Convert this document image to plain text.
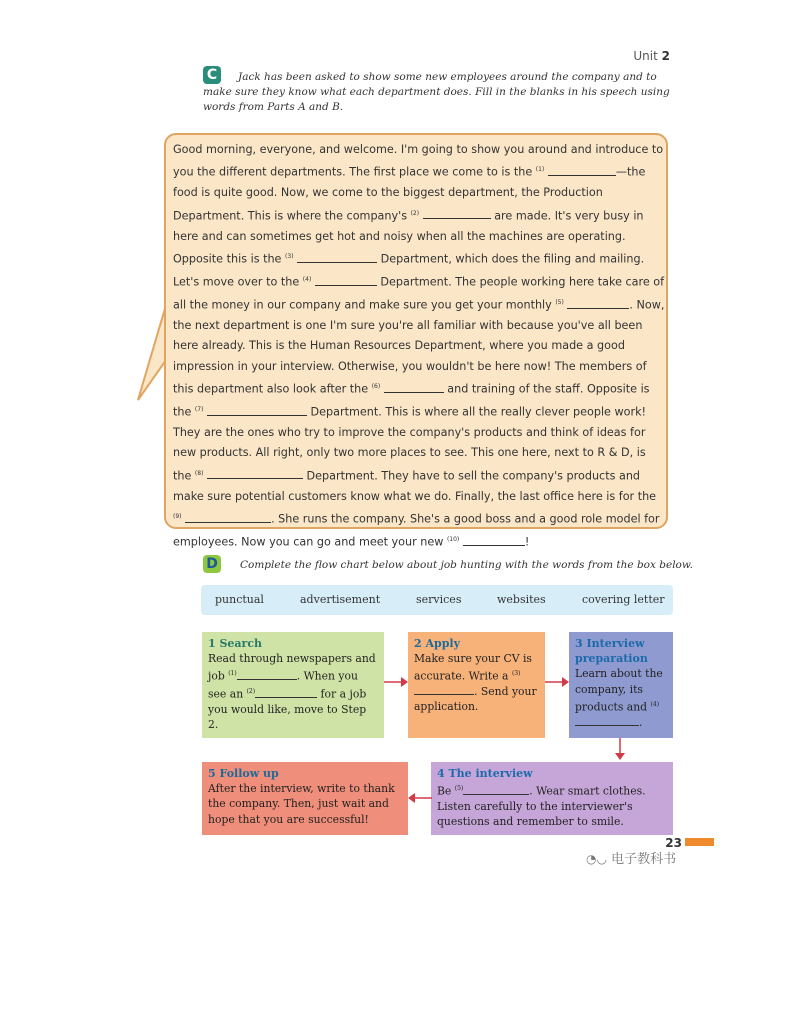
Unit 2
C	Jack has been asked to show some new employees around the company and to make sure they know what each department does. Fill in the blanks in his speech using words from Parts A and B.
Good morning, everyone, and welcome. I'm going to show you around and introduce to you the different departments. The first place we come to is the $^{(1)}$	—the food is quite good. Now, we come to the biggest department, the Production Department. This is where the company's $^{(2)}$	are made. It's very busy in here and can sometimes get hot and noisy when all the machines are operating. Opposite this is the $^{(3)}$	Department, which does the filing and mailing. Let's move over to the $^{(4)}$	Department. The people working here take care of all the money in our company and make sure you get your monthly $^{(5)}$	. Now, the next department is one I'm sure you're all familiar with because you've all been here already. This is the Human Resources Department, where you made a good impression in your interview. Otherwise, you wouldn't be here now! The members of this department also look after the $^{(6)}$	and training of the staff. Opposite is the $^{(7)}$	Department. This is where all the really clever people work! They are the ones who try to improve the company's products and think of ideas for new products. All right, only two more places to see. This one here, next to R & D, is the $^{(8)}$	Department. They have to sell the company's products and make sure potential customers know what we do. Finally, the last office here is for the $^{(9)}$	. She runs the company. She's a good boss and a good role model for employees. Now you can go and meet your new $^{(10)}$	!
D	Complete the flow chart below about job hunting with the words from the box below.
punctual	advertisement	services	websites	covering letter
1 Search
Read through newspapers and job $^{(1)}$	. When you see an $^{(2)}$	for a job you would like, move to Step 2.
2 Apply
Make sure your CV is accurate. Write a $^{(3)}$. Send your application.
3 Interview preparation
Learn about the company, its products and $^{(4)}$.
4 The interview
Be $^{(5)}$	. Wear smart clothes. Listen carefully to the interviewer's questions and remember to smile.
5 Follow up
After the interview, write to thank the company. Then, just wait and hope that you are successful!
23
◔◡ 电子教科书
